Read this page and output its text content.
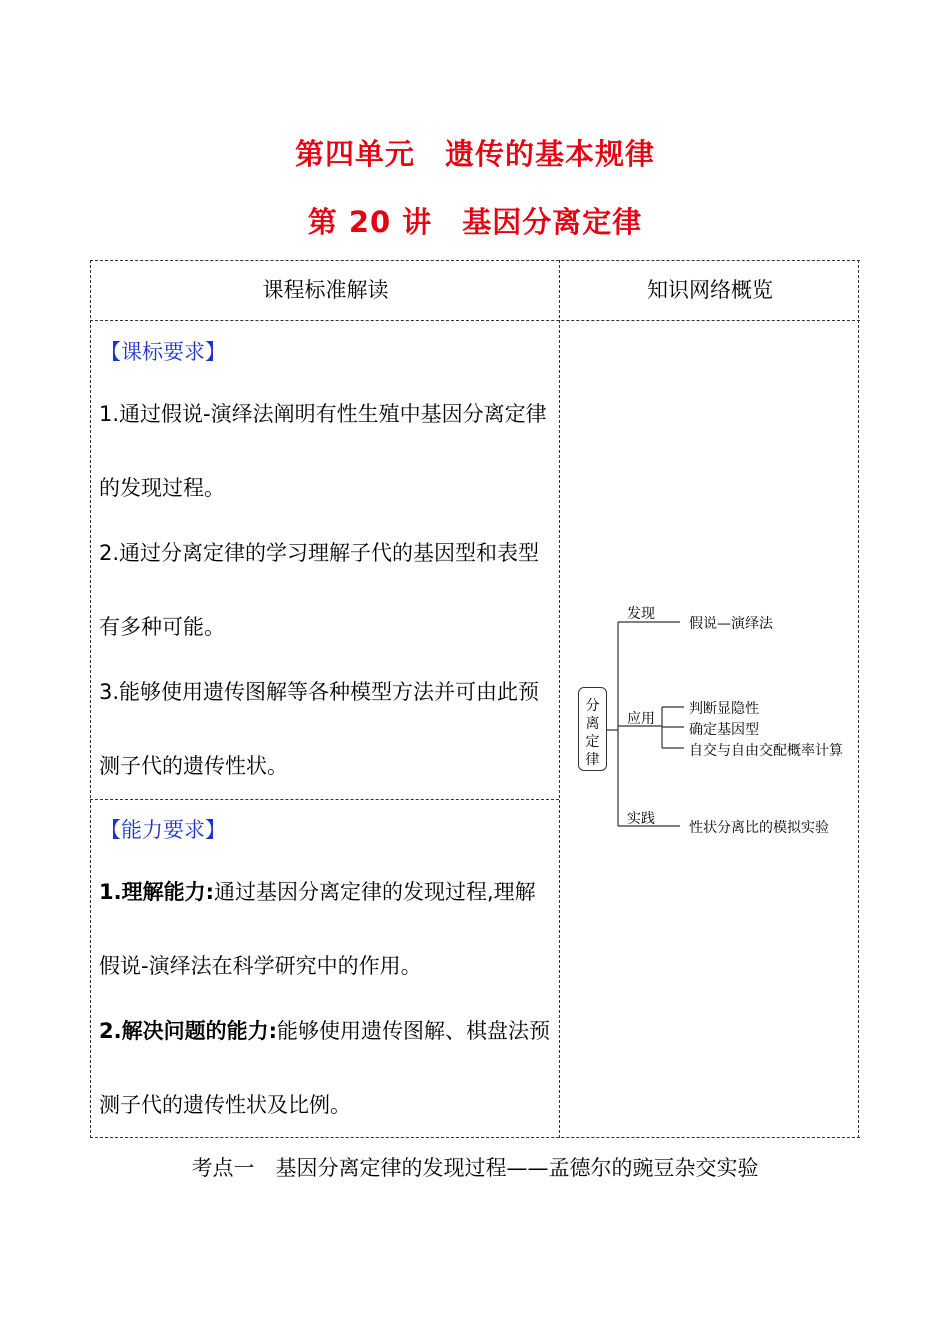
第四单元　遗传的基本规律
第 20 讲　基因分离定律
课程标准解读	知识网络概览
【课标要求】

1.通过假说-演绎法阐明有性生殖中基因分离定律的发现过程。

2.通过分离定律的学习理解子代的基因型和表型有多种可能。

3.能够使用遗传图解等各种模型方法并可由此预测子代的遗传性状。

【能力要求】

1.理解能力:通过基因分离定律的发现过程,理解假说-演绎法在科学研究中的作用。

2.解决问题的能力:能够使用遗传图解、棋盘法预测子代的遗传性状及比例。

分
离
定
律
发现
假说—演绎法
应用
判断显隐性
确定基因型
自交与自由交配概率计算
实践
性状分离比的模拟实验
考点一　基因分离定律的发现过程——孟德尔的豌豆杂交实验
